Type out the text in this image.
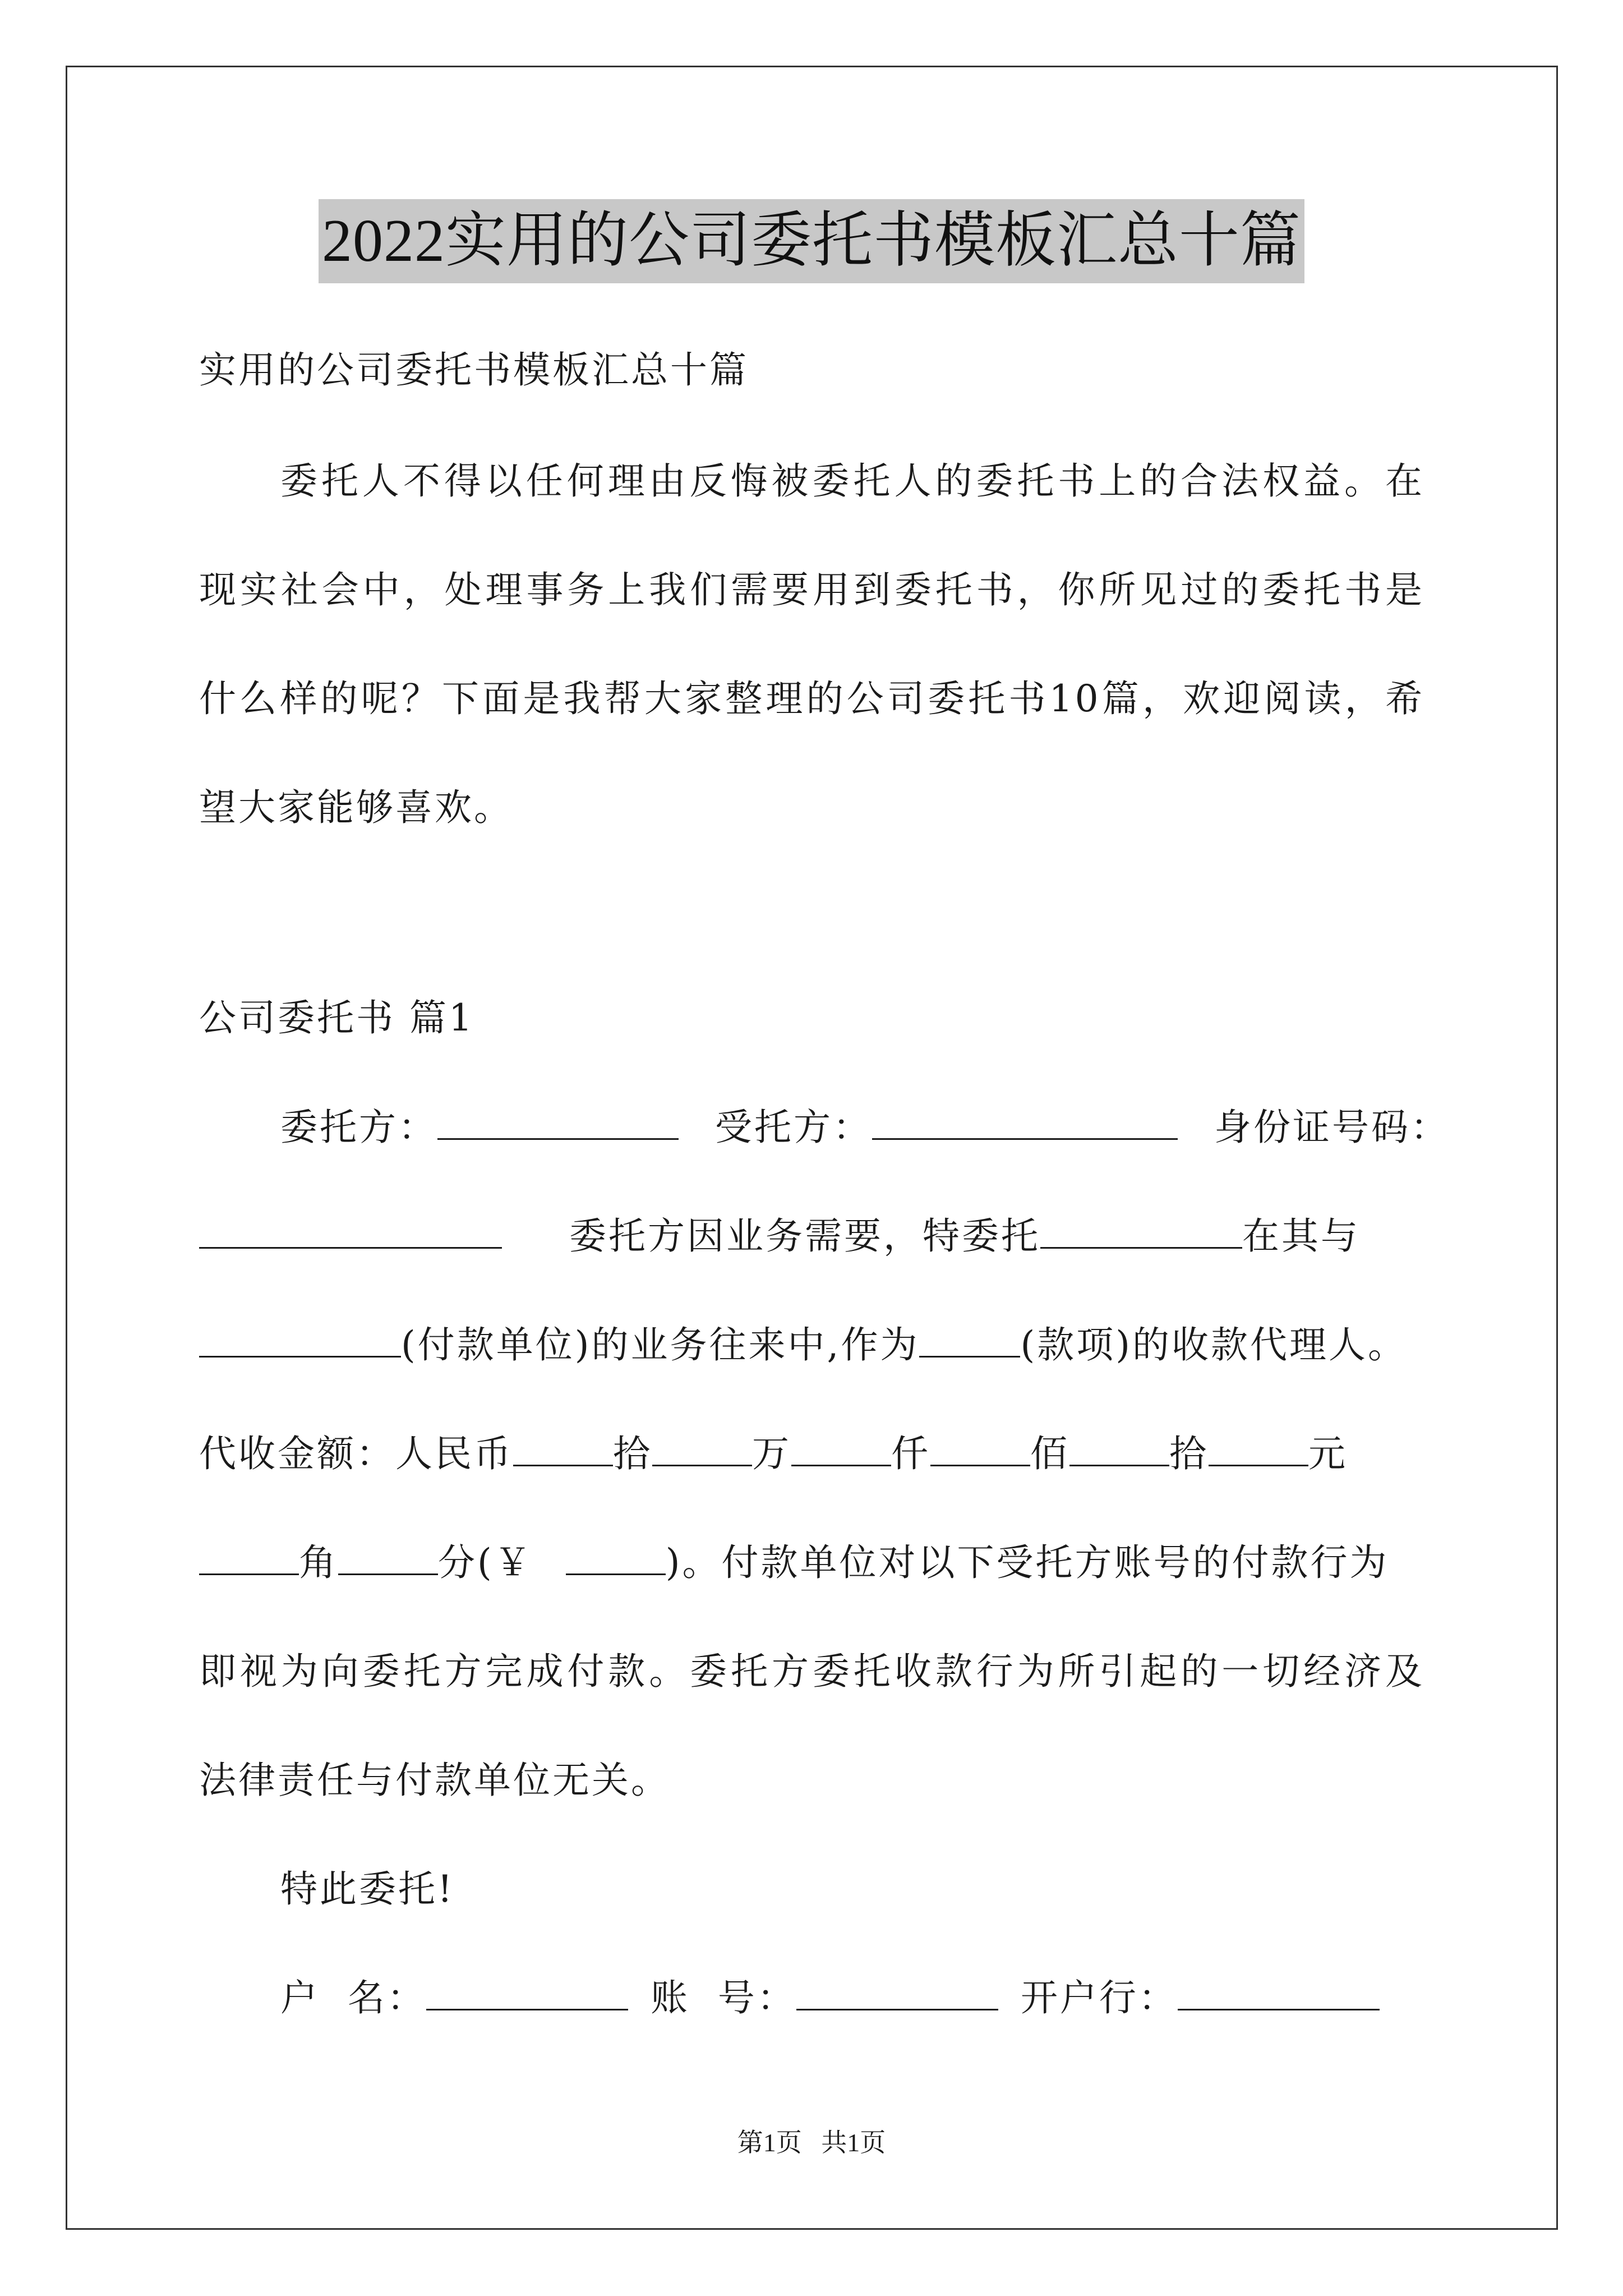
2022实用的公司委托书模板汇总十篇
实用的公司委托书模板汇总十篇
委托人不得以任何理由反悔被委托人的委托书上的合法权益。在
现实社会中，处理事务上我们需要用到委托书，你所见过的委托书是
什么样的呢？下面是我帮大家整理的公司委托书10篇，欢迎阅读，希
望大家能够喜欢。
公司委托书 篇1
委托方：	受托方：	身份证号码：
委托方因业务需要，特委托	在其与
(付款单位)的业务往来中,作为	(款项)的收款代理人。
代收金额：人民币	拾	万	仟	佰	拾	元
角	分(￥	)。付款单位对以下受托方账号的付款行为
即视为向委托方完成付款。委托方委托收款行为所引起的一切经济及
法律责任与付款单位无关。
特此委托!
户  名：	账  号：	开户行：
第1页   共1页
